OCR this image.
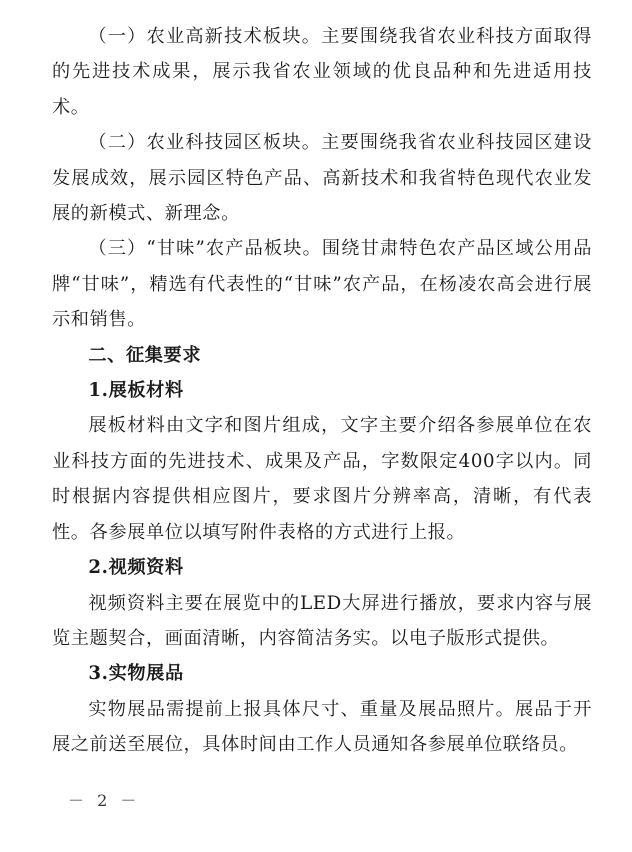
（一）农业高新技术板块。主要围绕我省农业科技方面取得的先进技术成果，展示我省农业领域的优良品种和先进适用技术。

（二）农业科技园区板块。主要围绕我省农业科技园区建设发展成效，展示园区特色产品、高新技术和我省特色现代农业发展的新模式、新理念。

（三）“甘味”农产品板块。围绕甘肃特色农产品区域公用品牌“甘味”，精选有代表性的“甘味”农产品，在杨凌农高会进行展示和销售。

二、征集要求

1.展板材料

展板材料由文字和图片组成，文字主要介绍各参展单位在农业科技方面的先进技术、成果及产品，字数限定400字以内。同时根据内容提供相应图片，要求图片分辨率高，清晰，有代表性。各参展单位以填写附件表格的方式进行上报。

2.视频资料

视频资料主要在展览中的LED大屏进行播放，要求内容与展览主题契合，画面清晰，内容简洁务实。以电子版形式提供。

3.实物展品

实物展品需提前上报具体尺寸、重量及展品照片。展品于开展之前送至展位，具体时间由工作人员通知各参展单位联络员。

－ 2 －
